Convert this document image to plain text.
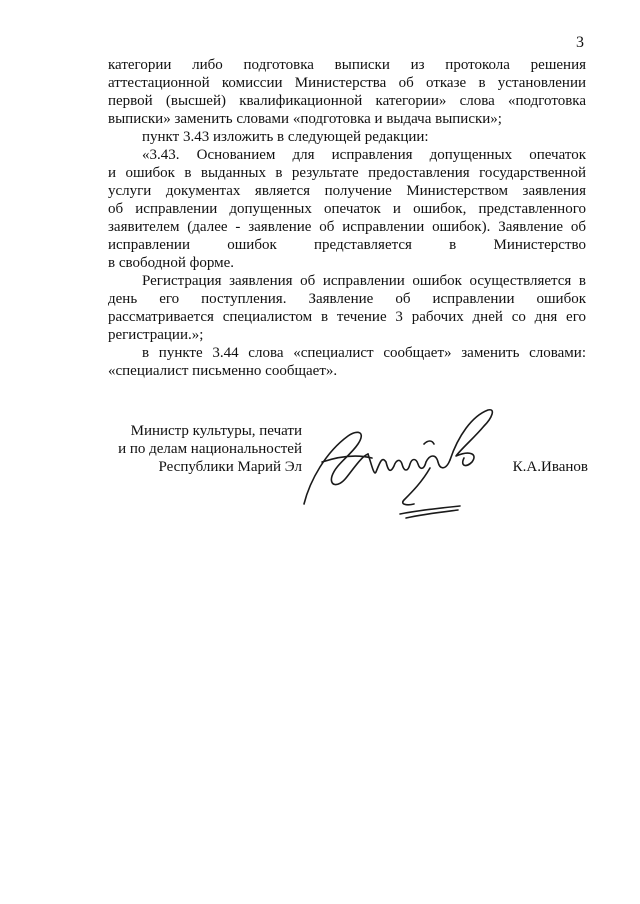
3

категории либо подготовка выписки из протокола решения
аттестационной комиссии Министерства об отказе в установлении
первой (высшей) квалификационной категории» слова «подготовка
выписки» заменить словами «подготовка и выдача выписки»;

пункт 3.43 изложить в следующей редакции:

«3.43. Основанием для исправления допущенных опечаток
и ошибок в выданных в результате предоставления государственной
услуги документах является получение Министерством заявления
об исправлении допущенных опечаток и ошибок, представленного
заявителем (далее - заявление об исправлении ошибок). Заявление об
исправлении ошибок представляется в Министерство
в свободной форме.

Регистрация заявления об исправлении ошибок осуществляется в
день его поступления. Заявление об исправлении ошибок
рассматривается специалистом в течение 3 рабочих дней со дня его
регистрации.»;

в пункте 3.44 слова «специалист сообщает» заменить словами:
«специалист письменно сообщает».

Министр культуры, печати
и по делам национальностей
Республики Марий Эл	К.А.Иванов
